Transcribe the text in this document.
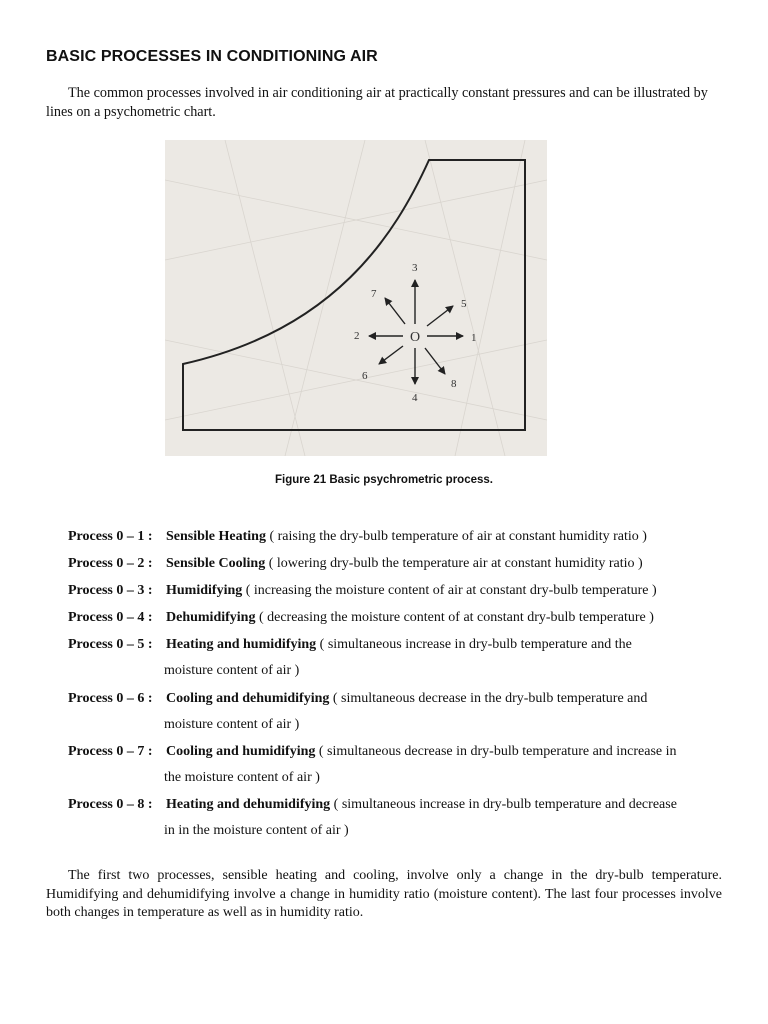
BASIC PROCESSES IN CONDITIONING AIR

The common processes involved in air conditioning air at practically constant pressures and can be illustrated by lines on a psychometric chart.

O	1
2
3
4
5
6
7
8

Figure 21 Basic psychrometric process.

Process 0 – 1 : Sensible Heating ( raising the dry-bulb temperature of air at constant humidity ratio )

Process 0 – 2 : Sensible Cooling ( lowering dry-bulb the temperature air at constant humidity ratio )

Process 0 – 3 : Humidifying ( increasing the moisture content of air at constant dry-bulb temperature )

Process 0 – 4 : Dehumidifying ( decreasing the moisture content of at constant dry-bulb temperature )

Process 0 – 5 : Heating and humidifying ( simultaneous increase in dry-bulb temperature and the
moisture content of air )

Process 0 – 6 : Cooling and dehumidifying ( simultaneous decrease in the dry-bulb temperature and
moisture content of air )

Process 0 – 7 : Cooling and humidifying ( simultaneous decrease in dry-bulb temperature and increase in
the moisture content of air )

Process 0 – 8 : Heating and dehumidifying ( simultaneous increase in dry-bulb temperature and decrease
in in the moisture content of air )

The first two processes, sensible heating and cooling, involve only a change in the dry-bulb temperature. Humidifying and dehumidifying involve a change in humidity ratio (moisture content). The last four processes involve both changes in temperature as well as in humidity ratio.
